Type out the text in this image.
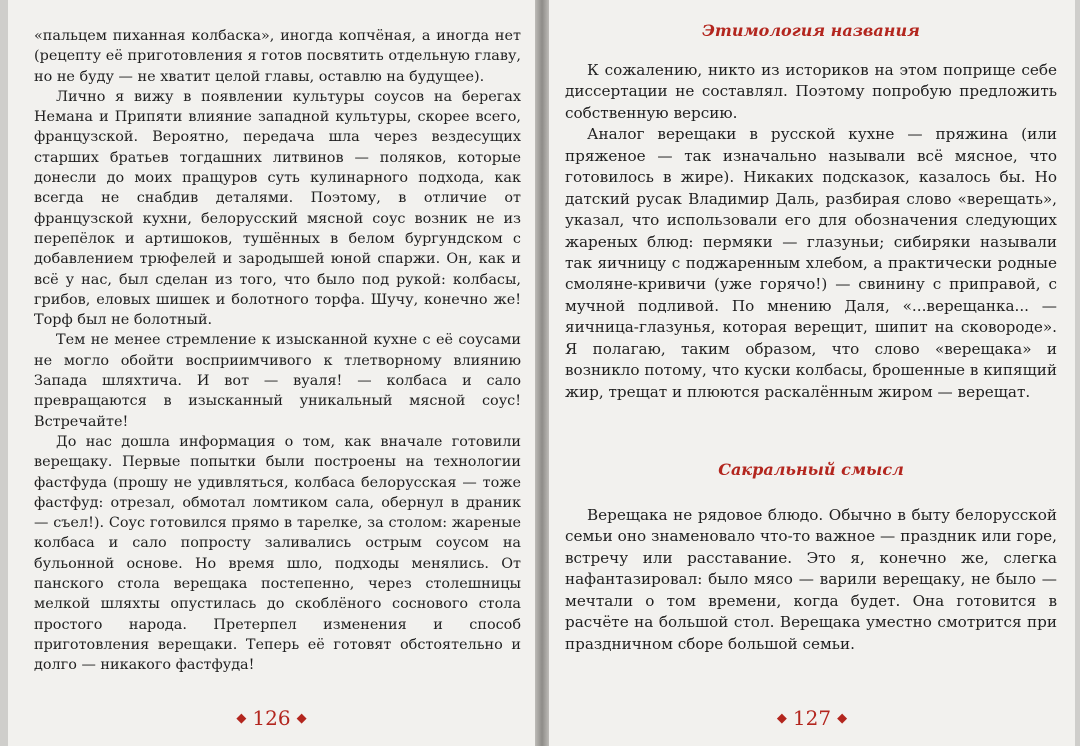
«пальцем пиханная колбаска», иногда копчёная, а иногда нет (рецепту её приготовления я готов посвятить отдельную главу, но не буду — не хватит целой главы, оставлю на будущее).

Лично я вижу в появлении культуры соусов на берегах Немана и Припяти влияние западной культуры, скорее всего, французской. Вероятно, передача шла через вездесущих старших братьев тогдашних литвинов — поляков, которые донесли до моих пращуров суть кулинарного подхода, как всегда не снабдив деталями. Поэтому, в отличие от французской кухни, белорусский мясной соус возник не из перепёлок и артишоков, тушённых в белом бургундском с добавлением трюфелей и зародышей юной спаржи. Он, как и всё у нас, был сделан из того, что было под рукой: колбасы, грибов, еловых шишек и болотного торфа. Шучу, конечно же! Торф был не болотный.

Тем не менее стремление к изысканной кухне с её соусами не могло обойти восприимчивого к тлетворному влиянию Запада шляхтича. И вот — вуаля! — колбаса и сало превращаются в изысканный уникальный мясной соус! Встречайте!

До нас дошла информация о том, как вначале готовили верещаку. Первые попытки были построены на технологии фастфуда (прошу не удивляться, колбаса белорусская — тоже фастфуд: отрезал, обмотал ломтиком сала, обернул в драник — съел!). Соус готовился прямо в тарелке, за столом: жареные колбаса и сало попросту заливались острым соусом на бульонной основе. Но время шло, подходы менялись. От панского стола верещака постепенно, через столешницы мелкой шляхты опустилась до скоблёного соснового стола простого народа. Претерпел изменения и способ приготовления верещаки. Теперь её готовят обстоятельно и долго — никакого фастфуда!

◆ 126 ◆
Этимология названия

К сожалению, никто из историков на этом поприще себе диссертации не составлял. Поэтому попробую предложить собственную версию.

Аналог верещаки в русской кухне — пряжина (или пряженое — так изначально называли всё мясное, что готовилось в жире). Никаких подсказок, казалось бы. Но датский русак Владимир Даль, разбирая слово «верещать», указал, что использовали его для обозначения следующих жареных блюд: пермяки — глазуньи; сибиряки называли так яичницу с поджаренным хлебом, а практически родные смоляне-кривичи (уже горячо!) — свинину с приправой, с мучной подливой. По мнению Даля, «...верещанка... — яичница-глазунья, которая верещит, шипит на сковороде». Я полагаю, таким образом, что слово «верещака» и возникло потому, что куски колбасы, брошенные в кипящий жир, трещат и плюются раскалённым жиром — верещат.

Сакральный смысл

Верещака не рядовое блюдо. Обычно в быту белорусской семьи оно знаменовало что-то важное — праздник или горе, встречу или расставание. Это я, конечно же, слегка нафантазировал: было мясо — варили верещаку, не было — мечтали о том времени, когда будет. Она готовится в расчёте на большой стол. Верещака уместно смотрится при праздничном сборе большой семьи.

◆ 127 ◆
